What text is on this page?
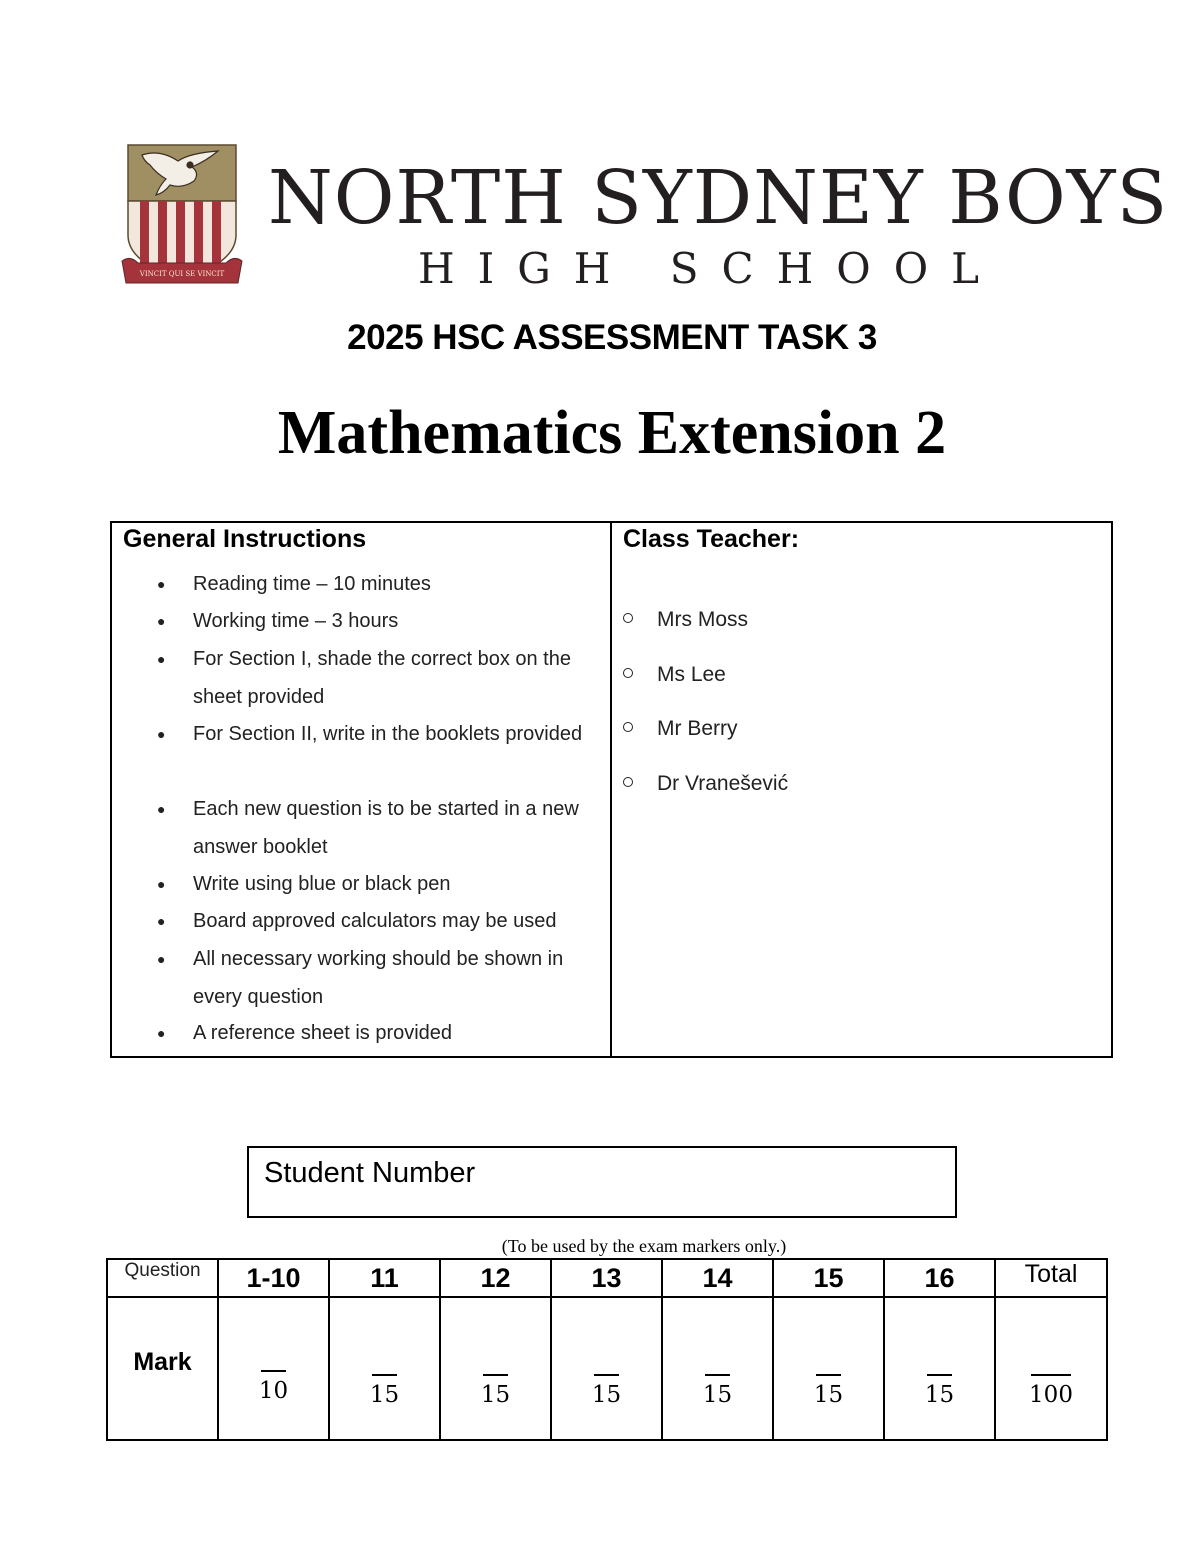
VINCIT QUI SE VINCIT
NORTH SYDNEY BOYS
HIGH SCHOOL
2025 HSC ASSESSMENT TASK 3
Mathematics Extension 2
General Instructions	Class Teacher:
● Reading time – 10 minutes
● Working time – 3 hours
● For Section I, shade the correct box on the sheet provided
● For Section II, write in the booklets provided
● Each new question is to be started in a new answer booklet
● Write using blue or black pen
● Board approved calculators may be used
● All necessary working should be shown in every question
● A reference sheet is provided
Mrs Moss
Ms Lee
Mr Berry
Dr Vranešević
Student Number
(To be used by the exam markers only.)
Question	1-10	11	12	13	14	15	16	Total
Mark	10	15	15	15	15	15	15	100
